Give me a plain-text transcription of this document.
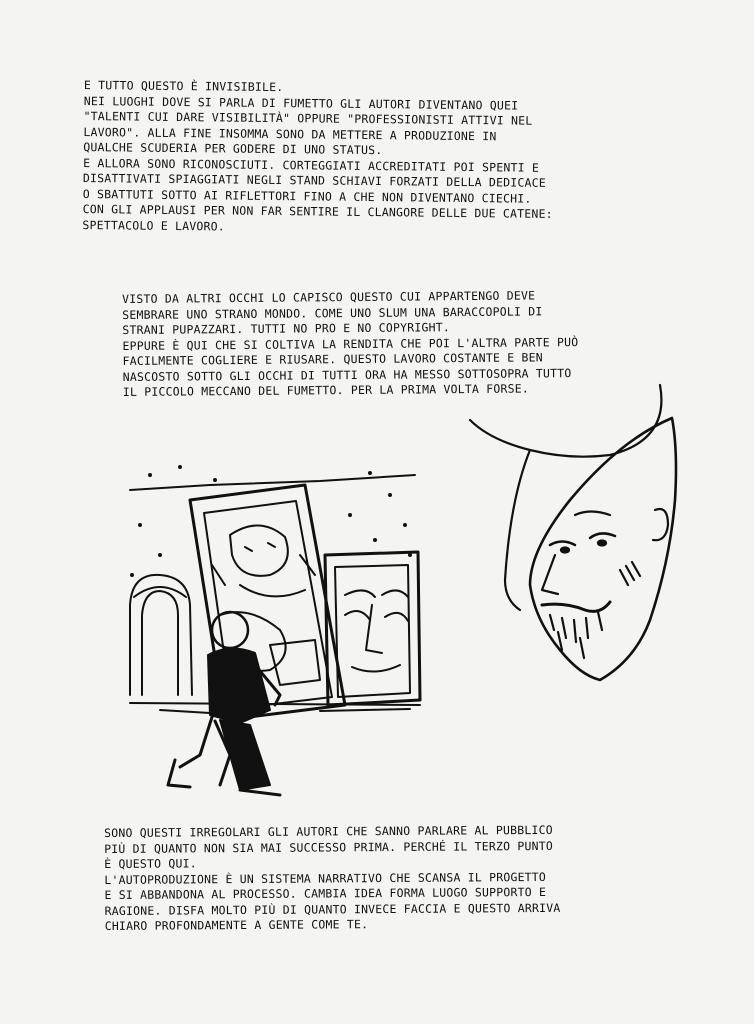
E TUTTO QUESTO È INVISIBILE.
NEI LUOGHI DOVE SI PARLA DI FUMETTO GLI AUTORI DIVENTANO QUEI
"TALENTI CUI DARE VISIBILITÀ" OPPURE "PROFESSIONISTI ATTIVI NEL
LAVORO". ALLA FINE INSOMMA SONO DA METTERE A PRODUZIONE IN
QUALCHE SCUDERIA PER GODERE DI UNO STATUS.
E ALLORA SONO RICONOSCIUTI. CORTEGGIATI ACCREDITATI POI SPENTI E
DISATTIVATI SPIAGGIATI NEGLI STAND SCHIAVI FORZATI DELLA DEDICACE
O SBATTUTI SOTTO AI RIFLETTORI FINO A CHE NON DIVENTANO CIECHI.
CON GLI APPLAUSI PER NON FAR SENTIRE IL CLANGORE DELLE DUE CATENE:
SPETTACOLO E LAVORO.
VISTO DA ALTRI OCCHI LO CAPISCO QUESTO CUI APPARTENGO DEVE
SEMBRARE UNO STRANO MONDO. COME UNO SLUM UNA BARACCOPOLI DI
STRANI PUPAZZARI. TUTTI NO PRO E NO COPYRIGHT.
EPPURE È QUI CHE SI COLTIVA LA RENDITA CHE POI L'ALTRA PARTE PUÒ
FACILMENTE COGLIERE E RIUSARE. QUESTO LAVORO COSTANTE E BEN
NASCOSTO SOTTO GLI OCCHI DI TUTTI ORA HA MESSO SOTTOSOPRA TUTTO
IL PICCOLO MECCANO DEL FUMETTO. PER LA PRIMA VOLTA FORSE.
SONO QUESTI IRREGOLARI GLI AUTORI CHE SANNO PARLARE AL PUBBLICO
PIÙ DI QUANTO NON SIA MAI SUCCESSO PRIMA. PERCHÉ IL TERZO PUNTO
È QUESTO QUI.
L'AUTOPRODUZIONE È UN SISTEMA NARRATIVO CHE SCANSA IL PROGETTO
E SI ABBANDONA AL PROCESSO. CAMBIA IDEA FORMA LUOGO SUPPORTO E
RAGIONE. DISFA MOLTO PIÙ DI QUANTO INVECE FACCIA E QUESTO ARRIVA
CHIARO PROFONDAMENTE A GENTE COME TE.
